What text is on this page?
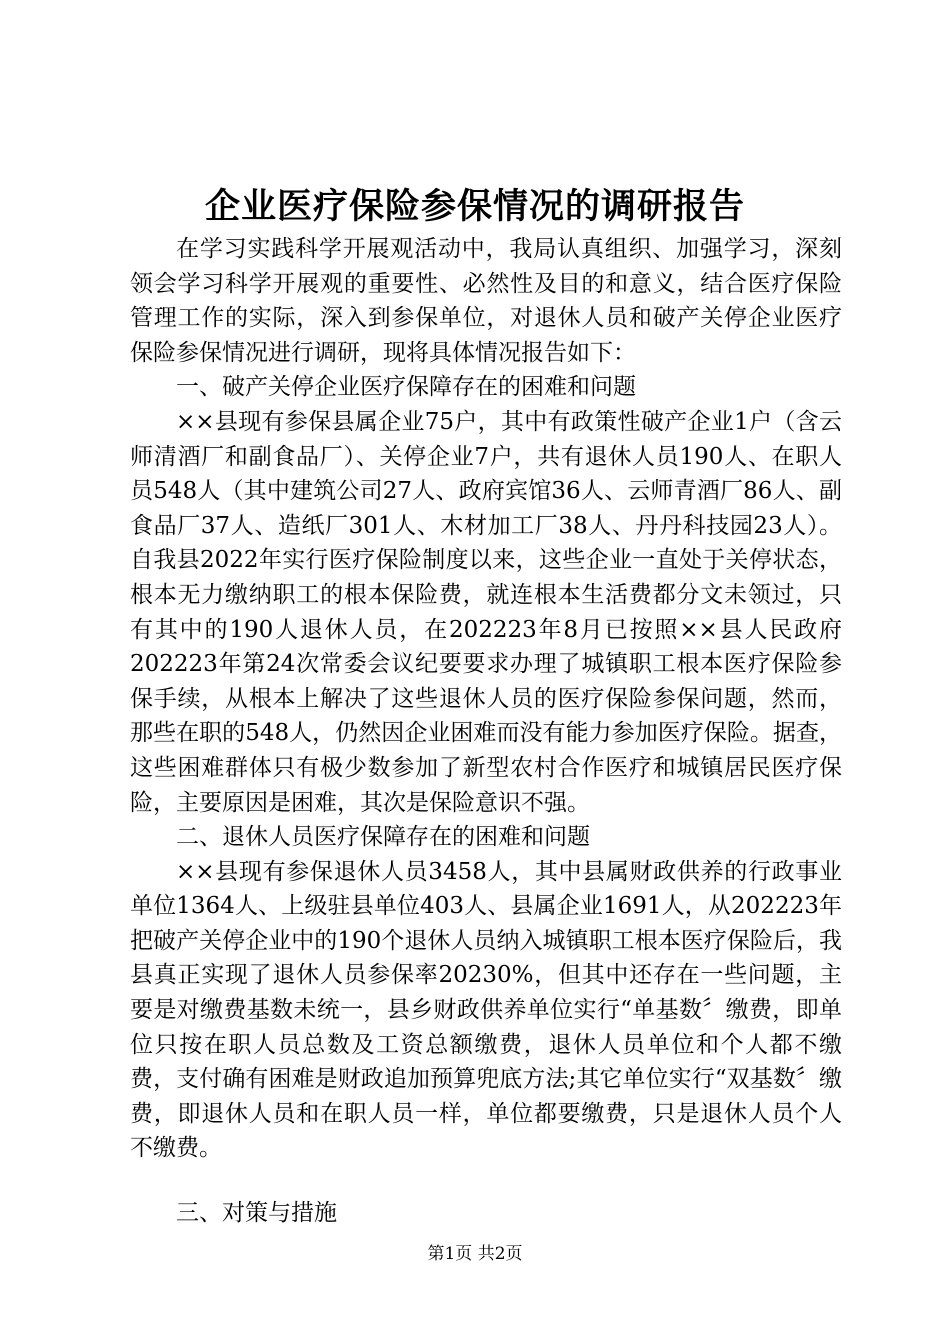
企业医疗保险参保情况的调研报告

在学习实践科学开展观活动中，我局认真组织、加强学习，深刻领会学习科学开展观的重要性、必然性及目的和意义，结合医疗保险管理工作的实际，深入到参保单位，对退休人员和破产关停企业医疗保险参保情况进行调研，现将具体情况报告如下：

一、破产关停企业医疗保障存在的困难和问题

××县现有参保县属企业75户，其中有政策性破产企业1户（含云师清酒厂和副食品厂）、关停企业7户，共有退休人员190人、在职人员548人（其中建筑公司27人、政府宾馆36人、云师青酒厂86人、副食品厂37人、造纸厂301人、木材加工厂38人、丹丹科技园23人）。自我县2022年实行医疗保险制度以来，这些企业一直处于关停状态，根本无力缴纳职工的根本保险费，就连根本生活费都分文未领过，只有其中的190人退休人员，在202223年8月已按照××县人民政府202223年第24次常委会议纪要要求办理了城镇职工根本医疗保险参保手续，从根本上解决了这些退休人员的医疗保险参保问题，然而，那些在职的548人，仍然因企业困难而没有能力参加医疗保险。据查，这些困难群体只有极少数参加了新型农村合作医疗和城镇居民医疗保险，主要原因是困难，其次是保险意识不强。

二、退休人员医疗保障存在的困难和问题

××县现有参保退休人员3458人，其中县属财政供养的行政事业单位1364人、上级驻县单位403人、县属企业1691人，从202223年把破产关停企业中的190个退休人员纳入城镇职工根本医疗保险后，我县真正实现了退休人员参保率20230%，但其中还存在一些问题，主要是对缴费基数未统一，县乡财政供养单位实行“单基数〞缴费，即单位只按在职人员总数及工资总额缴费，退休人员单位和个人都不缴费，支付确有困难是财政追加预算兜底方法;其它单位实行“双基数〞缴费，即退休人员和在职人员一样，单位都要缴费，只是退休人员个人不缴费。

三、对策与措施

第1页 共2页
